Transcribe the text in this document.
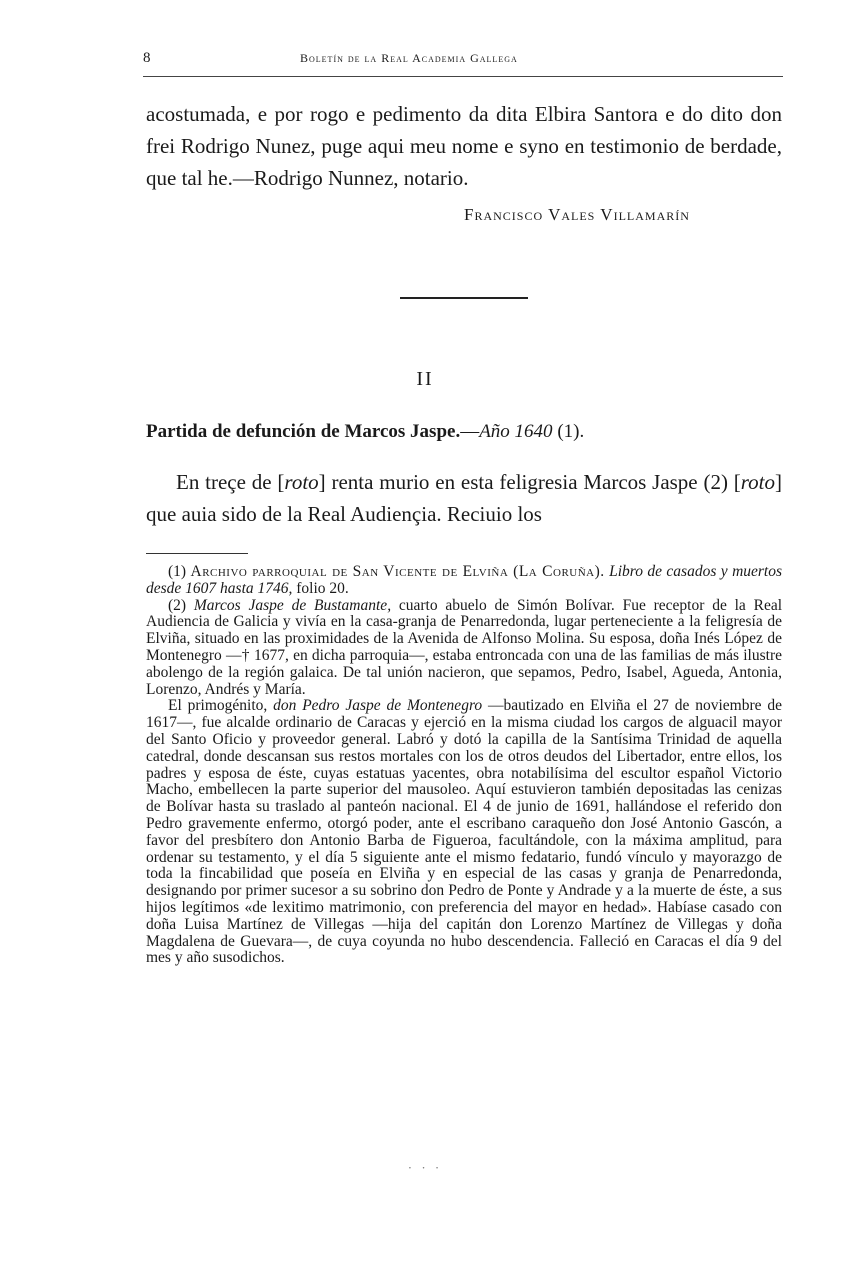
8	Boletín de la Real Academia Gallega
acostumada, e por rogo e pedimento da dita Elbira Santora e do dito don frei Rodrigo Nunez, puge aqui meu nome e syno en testimonio de berdade, que tal he.—Rodrigo Nunnez, notario.
Francisco Vales Villamarín
II
Partida de defunción de Marcos Jaspe.—Año 1640 (1).
En treçe de [roto] renta murio en esta feligresia Marcos Jaspe (2) [roto] que auia sido de la Real Audiençia. Reciuio los

(1) Archivo parroquial de San Vicente de Elviña (La Coruña). Libro de casados y muertos desde 1607 hasta 1746, folio 20.

(2) Marcos Jaspe de Bustamante, cuarto abuelo de Simón Bolívar. Fue receptor de la Real Audiencia de Galicia y vivía en la casa-granja de Penarredonda, lugar perteneciente a la feligresía de Elviña, situado en las proximidades de la Avenida de Alfonso Molina. Su esposa, doña Inés López de Montenegro —† 1677, en dicha parroquia—, estaba entroncada con una de las familias de más ilustre abolengo de la región galaica. De tal unión nacieron, que sepamos, Pedro, Isabel, Agueda, Antonia, Lorenzo, Andrés y María.

El primogénito, don Pedro Jaspe de Montenegro —bautizado en Elviña el 27 de noviembre de 1617—, fue alcalde ordinario de Caracas y ejerció en la misma ciudad los cargos de alguacil mayor del Santo Oficio y proveedor general. Labró y dotó la capilla de la Santísima Trinidad de aquella catedral, donde descansan sus restos mortales con los de otros deudos del Libertador, entre ellos, los padres y esposa de éste, cuyas estatuas yacentes, obra notabilísima del escultor español Victorio Macho, embellecen la parte superior del mausoleo. Aquí estuvieron también depositadas las cenizas de Bolívar hasta su traslado al panteón nacional. El 4 de junio de 1691, hallándose el referido don Pedro gravemente enfermo, otorgó poder, ante el escribano caraqueño don José Antonio Gascón, a favor del presbítero don Antonio Barba de Figueroa, facultándole, con la máxima amplitud, para ordenar su testamento, y el día 5 siguiente ante el mismo fedatario, fundó vínculo y mayorazgo de toda la fincabilidad que poseía en Elviña y en especial de las casas y granja de Penarredonda, designando por primer sucesor a su sobrino don Pedro de Ponte y Andrade y a la muerte de éste, a sus hijos legítimos «de lexitimo matrimonio, con preferencia del mayor en hedad». Habíase casado con doña Luisa Martínez de Villegas —hija del capitán don Lorenzo Martínez de Villegas y doña Magdalena de Guevara—, de cuya coyunda no hubo descendencia. Falleció en Caracas el día 9 del mes y año susodichos.

· · ·
